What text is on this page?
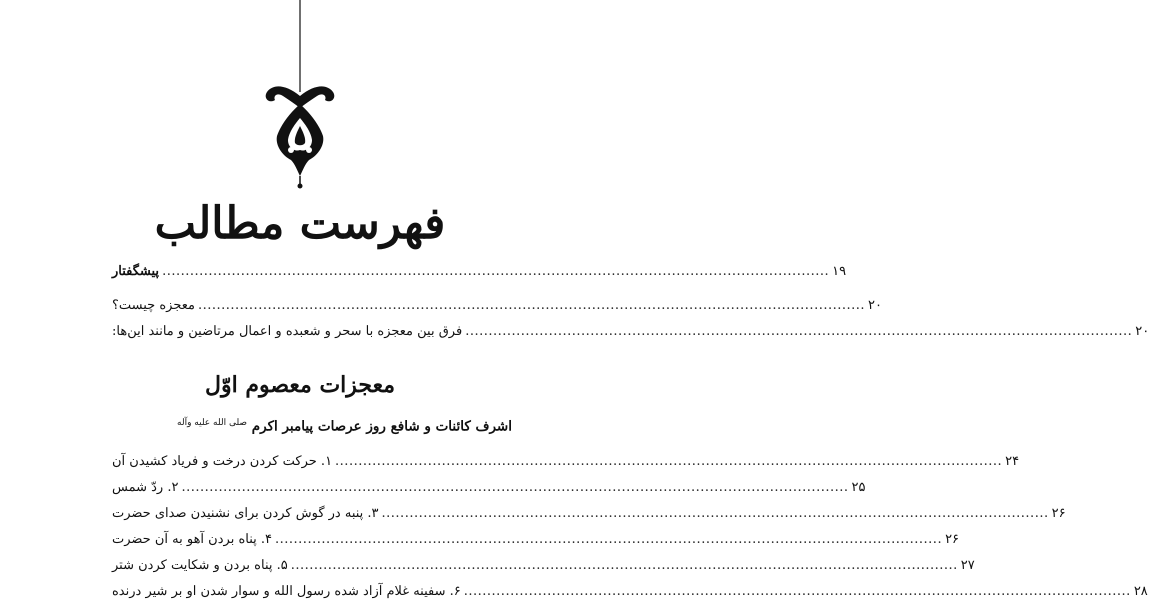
فهرست مطالب
پیشگفتار ................................................................................................................................................ ۱۹
معجزه چیست؟ ................................................................................................................................................ ۲۰
فرق بین معجزه با سحر و شعبده و اعمال مرتاضین و مانند این‌ها: ................................................................................................................................................ ۲۰
معجزات معصوم اوّل
اشرف کائنات و شافع روز عرصات پیامبر اکرم $^{صلی الله علیه وآله}$
۱. حرکت کردن درخت و فریاد کشیدن آن ................................................................................................................................................ ۲۴
۲. ردّ شمس ................................................................................................................................................ ۲۵
۳. پنبه در گوش کردن برای نشنیدن صدای حضرت ................................................................................................................................................ ۲۶
۴. پناه بردن آهو به آن حضرت ................................................................................................................................................ ۲۶
۵. پناه بردن و شکایت کردن شتر ................................................................................................................................................ ۲۷
۶. سفینه غلام آزاد شده رسول الله و سوار شدن او بر شیر درنده ................................................................................................................................................ ۲۸
